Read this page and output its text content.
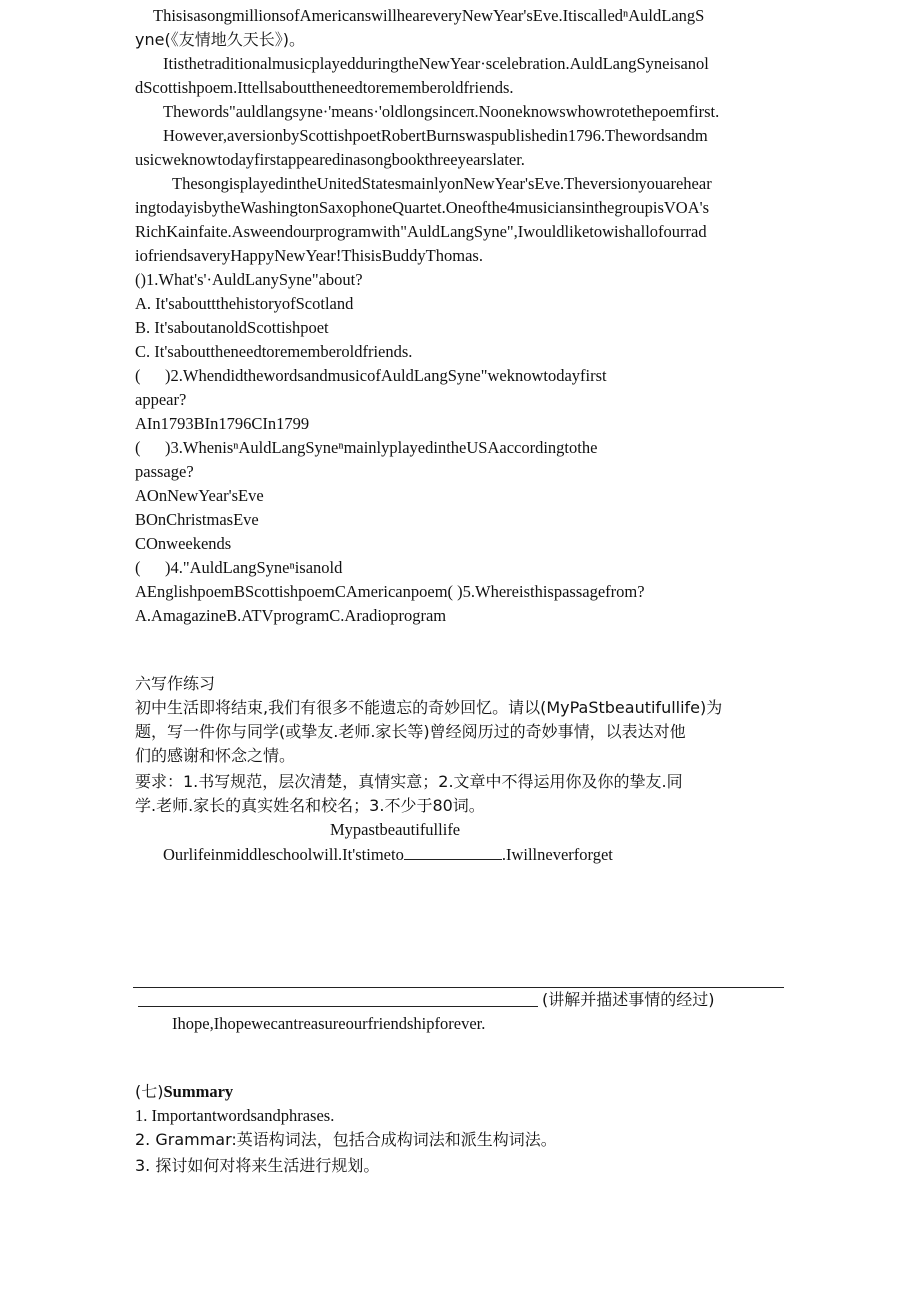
ThisisasongmillionsofAmericanswillheareveryNewYear'sEve.ItiscalledⁿAuldLangS
yne(《友情地久天长》)。
ItisthetraditionalmusicplayedduringtheNewYear·scelebration.AuldLangSyneisanol
dScottishpoem.Ittellsabouttheneedtorememberoldfriends.
Thewords"auldlangsyne·'means·'oldlongsinceπ.Nooneknowswhowrotethepoemfirst.
However,aversionbyScottishpoetRobertBurnswaspublishedin1796.Thewordsandm
usicweknowtodayfirstappearedinasongbookthreeyearslater.
ThesongisplayedintheUnitedStatesmainlyonNewYear'sEve.Theversionyouarehear
ingtodayisbytheWashingtonSaxophoneQuartet.Oneofthe4musiciansinthegroupisVOA's
RichKainfaite.Asweendourprogramwith"AuldLangSyne",Iwouldliketowishallofourrad
iofriendsaveryHappyNewYear!ThisisBuddyThomas.
()1.What's'·AuldLanySyne"about?
A. It'sabouttthehistoryofScotland
B. It'saboutanoldScottishpoet
C. It'sabouttheneedtorememberoldfriends.
( )2.WhendidthewordsandmusicofAuldLangSyne"weknowtodayfirst
appear?
AIn1793BIn1796CIn1799
( )3.WhenisⁿAuldLangSyneⁿmainlyplayedintheUSAaccordingtothe
passage?
AOnNewYear'sEve
BOnChristmasEve
COnweekends
( )4."AuldLangSyneⁿisanold
AEnglishpoemBScottishpoemCAmericanpoem( )5.Whereisthispassagefrom?
A.AmagazineB.ATVprogramC.Aradioprogram
六写作练习
初中生活即将结束,我们有很多不能遗忘的奇妙回忆。请以(MyPaStbeautifullife)为
题，写一件你与同学(或挚友.老师.家长等)曾经阅历过的奇妙事情，以表达对他
们的感谢和怀念之情。
要求：1.书写规范，层次清楚，真情实意；2.文章中不得运用你及你的挚友.同
学.老师.家长的真实姓名和校名；3.不少于80词。
Mypastbeautifullife
Ourlifeinmiddleschoolwill.It'stimeto	.Iwillneverforget
(讲解并描述事情的经过)
Ihope,Ihopewecantreasureourfriendshipforever.
(七)Summary
1. Importantwordsandphrases.
2. Grammar:英语构词法，包括合成构词法和派生构词法。
3. 探讨如何对将来生活进行规划。
